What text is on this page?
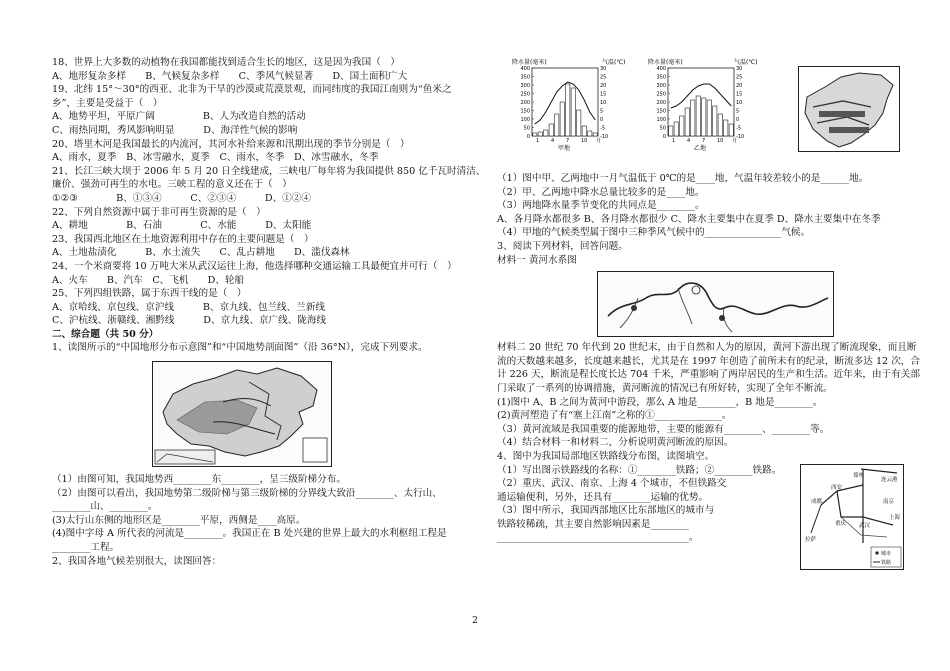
18、世界上大多数的动植物在我国都能找到适合生长的地区，这是因为我国（　）
A、地形复杂多样　　B、气候复杂多样　　C、季风气候显著　　D、国土面积广大
19、北纬 15°～30°的西亚、北非为干旱的沙漠或荒漠景观，而同纬度的我国江南则为“鱼米之
乡”，主要是受益于（　）
A、地势平坦，平原广阔　　　　　B、人为改造自然的活动
C、雨热同期，秀风影响明显　　　D、海洋性气候的影响
20、塔里木河是我国最长的内流河，其河水补给来源和汛期出现的季节分别是（　）
A、雨水，夏季　B、冰雪融水，夏季　C、雨水，冬季　D、冰雪融水，冬季
21、长江三峡大坝于 2006 年 5 月 20 日全线建成，三峡电厂每年将为我国提供 850 亿千瓦时清洁、
廉价、强劲可再生的水电。三峡工程的意义还在于（　）
①②③　　　　B、①③④　　　C、②③④　　　D、①②④
22、下列自然资源中属于非可再生资源的是（　）
A、耕地　　　　B、石油　　　　C、水能　　　D、太阳能
23、我国西北地区在土地资源利用中存在的主要问题是（　）
A、土地盐渍化　　　B、水土流失　　C、乱占耕地　　D、滥伐森林
24、一个米商要将 10 万吨大米从武汉运往上海，他选择哪种交通运输工具最便宜并可行（　）
A、火车　　B、汽车　C、飞机　　D、轮船
25、下列四组铁路，属于东西干线的是（　）
A、京哈线、京包线、京沪线　　　B、京九线、包兰线、兰新线
C、沪杭线、浙赣线、湘黔线　　　D、京九线、京广线、陇海线
二、综合题（共 50 分）
1、读图所示的“中国地形分布示意图”和“中国地势剖面图”（沿 36°N），完成下列要求。
（1）由图可知，我国地势西________东________，呈三级阶梯分布。
（2）由图可以看出，我国地势第二级阶梯与第三级阶梯的分界线大致沿________、太行山、
________山、________。
(3)太行山东侧的地形区是________平原，西侧是____高原。
(4)图中字母 A 所代表的河流是________。我国正在 B 处兴建的世界上最大的水利枢纽工程是
________工程。
2、我国各地气候差别很大，读图回答：
降水量(毫米)	气温(℃)
甲地
400
350
300
250
200
150
100
50
0
30
25
20
15
10
5
0
-5
-10
1 4 7 10 月
降水量(毫米)	气温(℃)
乙地
400
350
300
250
200
150
100
50
0
30
25
20
15
10
5
0
-5
-10
1 4 7 10 月
（1）图中甲、乙两地中一月气温低于 0℃的是____地，气温年较差较小的是______地。
（2）甲、乙两地中降水总量比较多的是____地。
（3）两地降水量季节变化的共同点是________。
A、各月降水都很多 B、各月降水都很少 C、降水主要集中在夏季 D、降水主要集中在冬季
（4）甲地的气候类型属于图中三种季风气候中的________________气候。
3、阅读下列材料，回答问题。
材料一 黄河水系图
材料二 20 世纪 70 年代到 20 世纪末，由于自然和人为的原因，黄河下游出现了断流现象，而且断
流的天数越来越多，长度越来越长，尤其是在 1997 年创造了前所未有的纪录，断流多达 12 次，合
计 226 天，断流是程长度长达 704 千米，严重影响了两岸居民的生产和生活。近年来，由于有关部
门采取了一系列的协调措施，黄河断流的情况已有所好转，实现了全年不断流。
(1)图中 A、B 之间为黄河中游段，那么 A 地是________，B 地是________。
(2)黄河塑造了有“塞上江南”之称的①______________。
（3）黄河流域是我国重要的能源地带，主要的能源有________、________等。
（4）结合材料一和材料二，分析说明黄河断流的原因。
4、图中为我国局部地区铁路线分布图，读图填空。
郑州
连云港
西安
南京
成都
重庆 武汉
上海
拉萨
城市
铁路
（1）写出图示铁路线的名称：①________铁路；②________铁路。
（2）重庆、武汉、南京、上海 4 个城市，不但铁路交
通运输便利，另外，还具有________运输的优势。
（3）图中所示，我国西部地区比东部地区的城市与
铁路较稀疏，其主要自然影响因素是________
________________________________________。
2
